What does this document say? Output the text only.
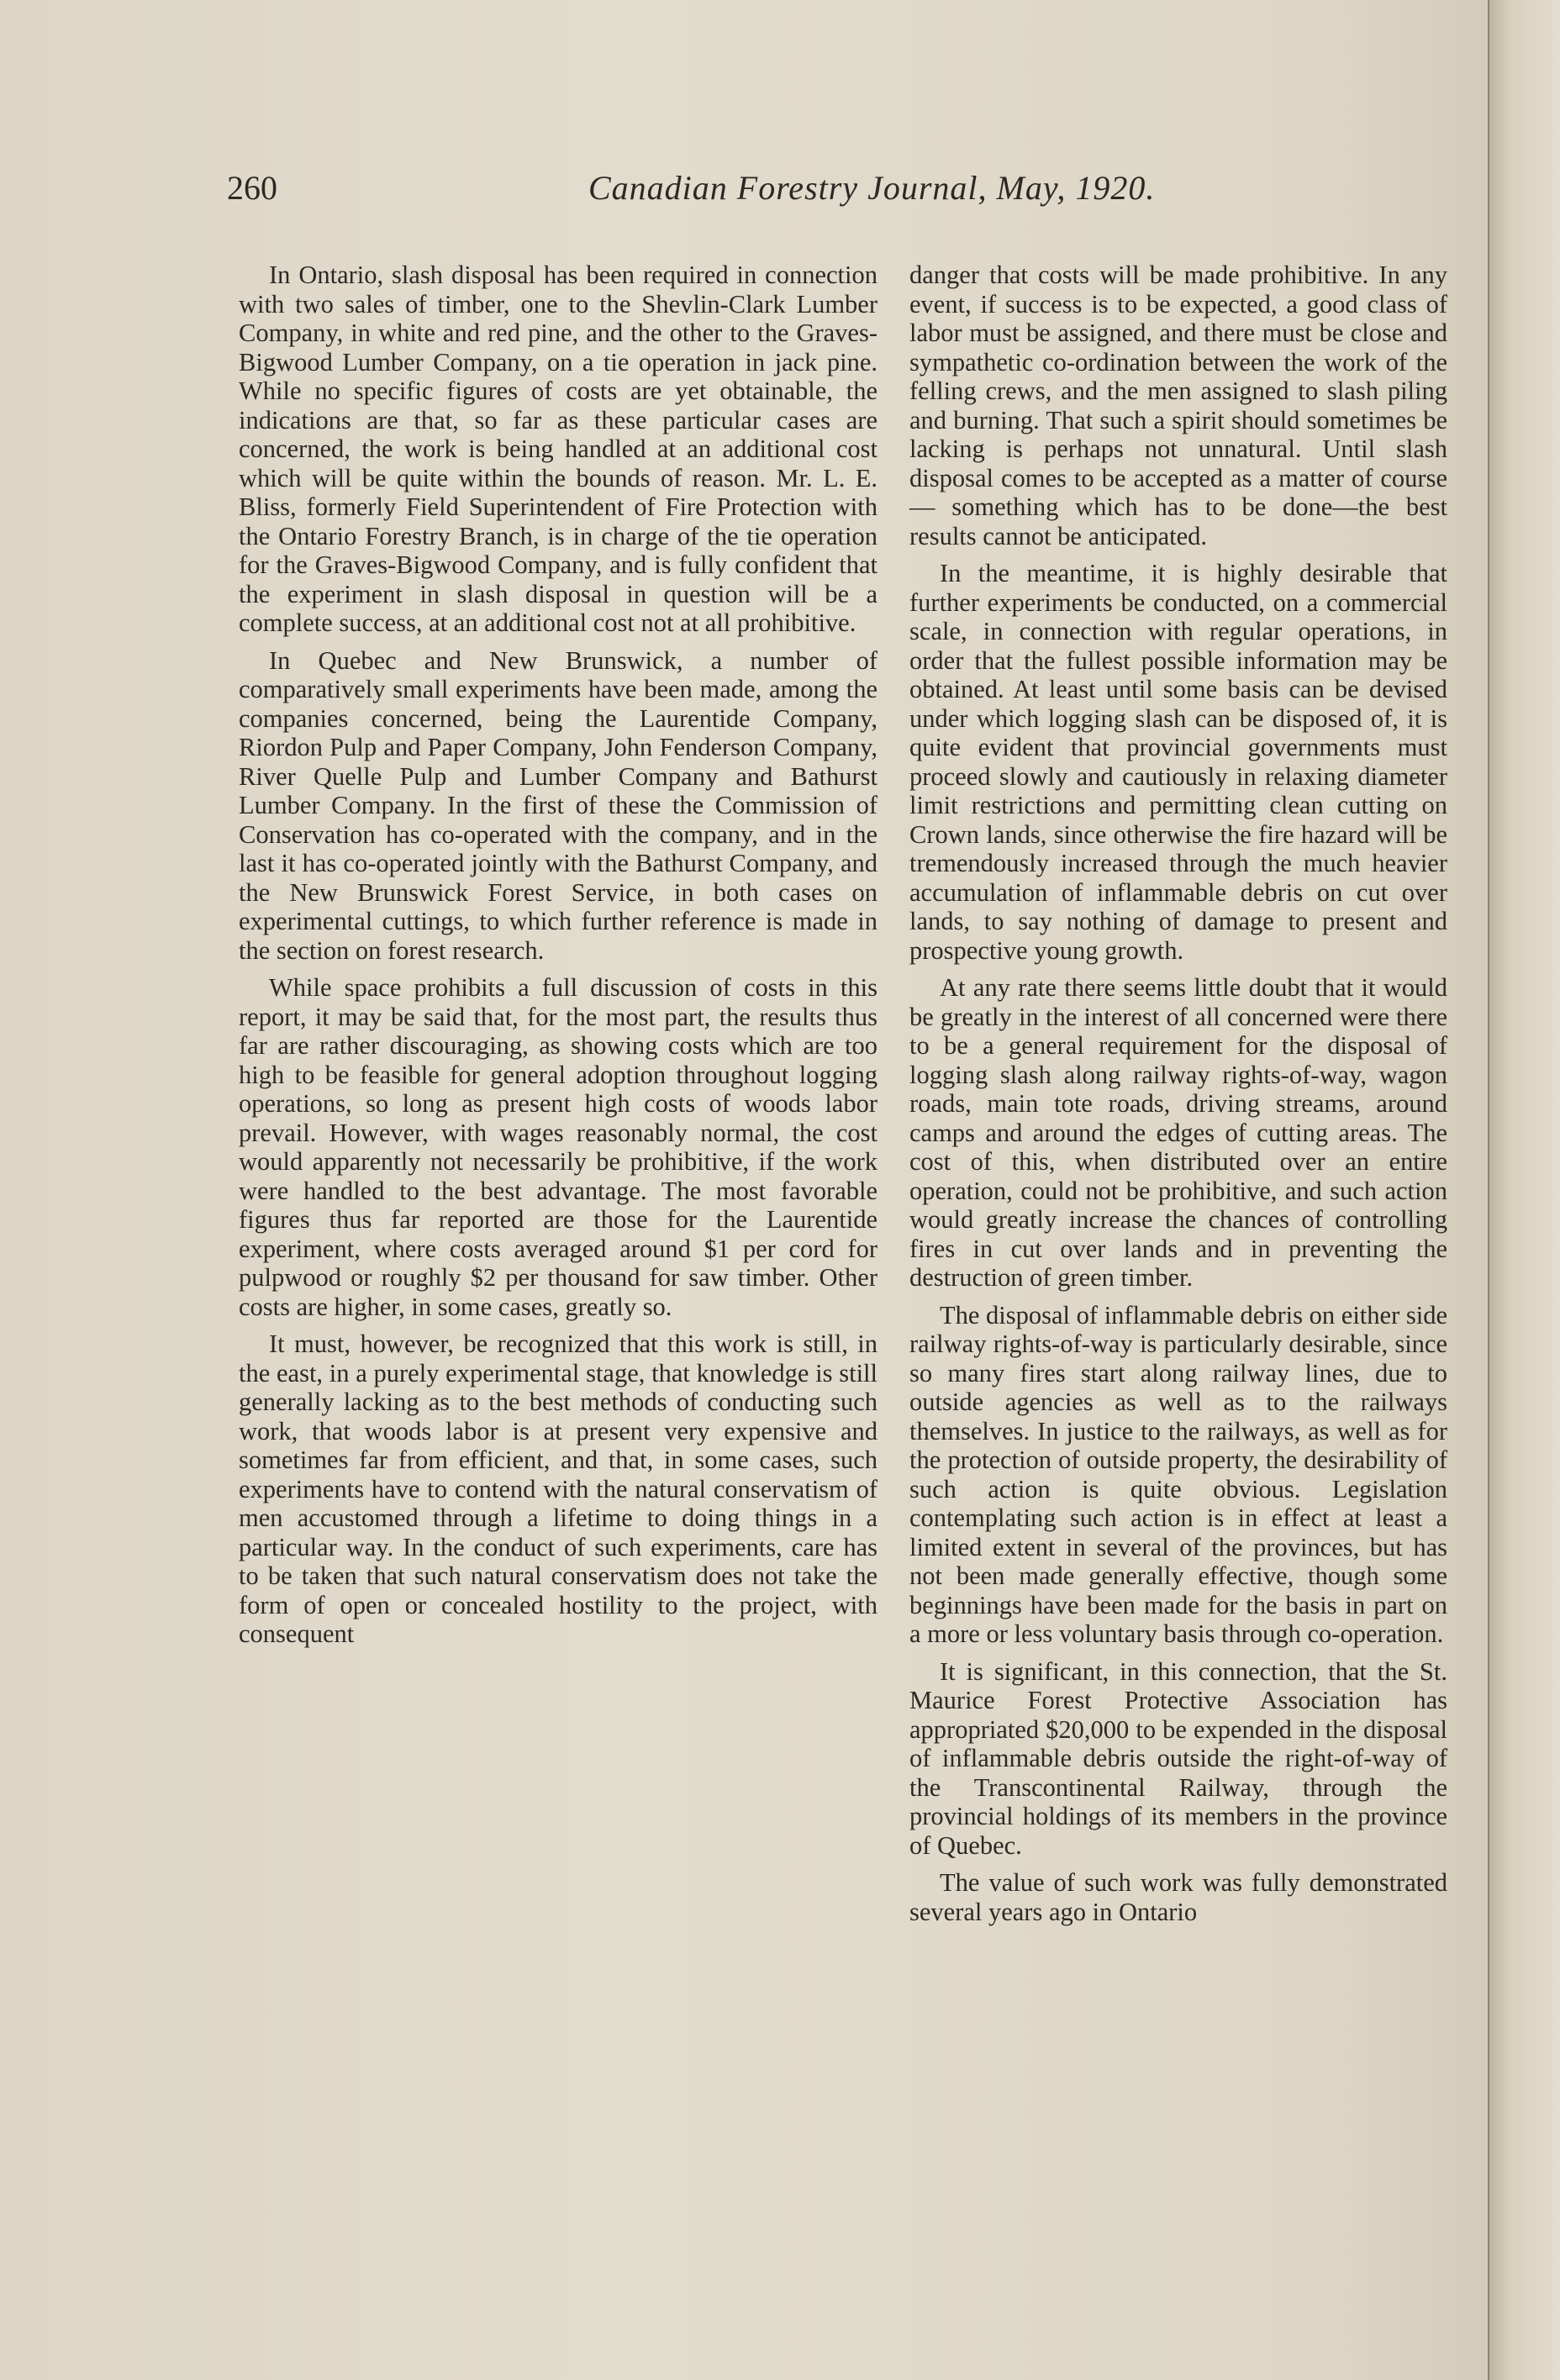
260	Canadian Forestry Journal, May, 1920.

In Ontario, slash disposal has been required in connection with two sales of timber, one to the Shevlin-Clark Lumber Company, in white and red pine, and the other to the Graves-Bigwood Lumber Company, on a tie operation in jack pine. While no specific figures of costs are yet obtainable, the indications are that, so far as these particular cases are concerned, the work is being handled at an additional cost which will be quite within the bounds of reason. Mr. L. E. Bliss, formerly Field Superintendent of Fire Protection with the Ontario Forestry Branch, is in charge of the tie operation for the Graves-Bigwood Company, and is fully confident that the experiment in slash disposal in question will be a complete success, at an additional cost not at all prohibitive.

In Quebec and New Brunswick, a number of comparatively small experiments have been made, among the companies concerned, being the Laurentide Company, Riordon Pulp and Paper Company, John Fenderson Company, River Quelle Pulp and Lumber Company and Bathurst Lumber Company. In the first of these the Commission of Conservation has co-operated with the company, and in the last it has co-operated jointly with the Bathurst Company, and the New Brunswick Forest Service, in both cases on experimental cuttings, to which further reference is made in the section on forest research.

While space prohibits a full discussion of costs in this report, it may be said that, for the most part, the results thus far are rather discouraging, as showing costs which are too high to be feasible for general adoption throughout logging operations, so long as present high costs of woods labor prevail. However, with wages reasonably normal, the cost would apparently not necessarily be prohibitive, if the work were handled to the best advantage. The most favorable figures thus far reported are those for the Laurentide experiment, where costs averaged around $1 per cord for pulpwood or roughly $2 per thousand for saw timber. Other costs are higher, in some cases, greatly so.

It must, however, be recognized that this work is still, in the east, in a purely experimental stage, that knowledge is still generally lacking as to the best methods of conducting such work, that woods labor is at present very expensive and sometimes far from efficient, and that, in some cases, such experiments have to contend with the natural conservatism of men accustomed through a lifetime to doing things in a particular way. In the conduct of such experiments, care has to be taken that such natural conservatism does not take the form of open or concealed hostility to the project, with consequent

danger that costs will be made prohibitive. In any event, if success is to be expected, a good class of labor must be assigned, and there must be close and sympathetic co-ordination between the work of the felling crews, and the men assigned to slash piling and burning. That such a spirit should sometimes be lacking is perhaps not unnatural. Until slash disposal comes to be accepted as a matter of course — something which has to be done—the best results cannot be anticipated.

In the meantime, it is highly desirable that further experiments be conducted, on a commercial scale, in connection with regular operations, in order that the fullest possible information may be obtained. At least until some basis can be devised under which logging slash can be disposed of, it is quite evident that provincial governments must proceed slowly and cautiously in relaxing diameter limit restrictions and permitting clean cutting on Crown lands, since otherwise the fire hazard will be tremendously increased through the much heavier accumulation of inflammable debris on cut over lands, to say nothing of damage to present and prospective young growth.

At any rate there seems little doubt that it would be greatly in the interest of all concerned were there to be a general requirement for the disposal of logging slash along railway rights-of-way, wagon roads, main tote roads, driving streams, around camps and around the edges of cutting areas. The cost of this, when distributed over an entire operation, could not be prohibitive, and such action would greatly increase the chances of controlling fires in cut over lands and in preventing the destruction of green timber.

The disposal of inflammable debris on either side railway rights-of-way is particularly desirable, since so many fires start along railway lines, due to outside agencies as well as to the railways themselves. In justice to the railways, as well as for the protection of outside property, the desirability of such action is quite obvious. Legislation contemplating such action is in effect at least a limited extent in several of the provinces, but has not been made generally effective, though some beginnings have been made for the basis in part on a more or less voluntary basis through co-operation.

It is significant, in this connection, that the St. Maurice Forest Protective Association has appropriated $20,000 to be expended in the disposal of inflammable debris outside the right-of-way of the Transcontinental Railway, through the provincial holdings of its members in the province of Quebec.

The value of such work was fully demonstrated several years ago in Ontario
